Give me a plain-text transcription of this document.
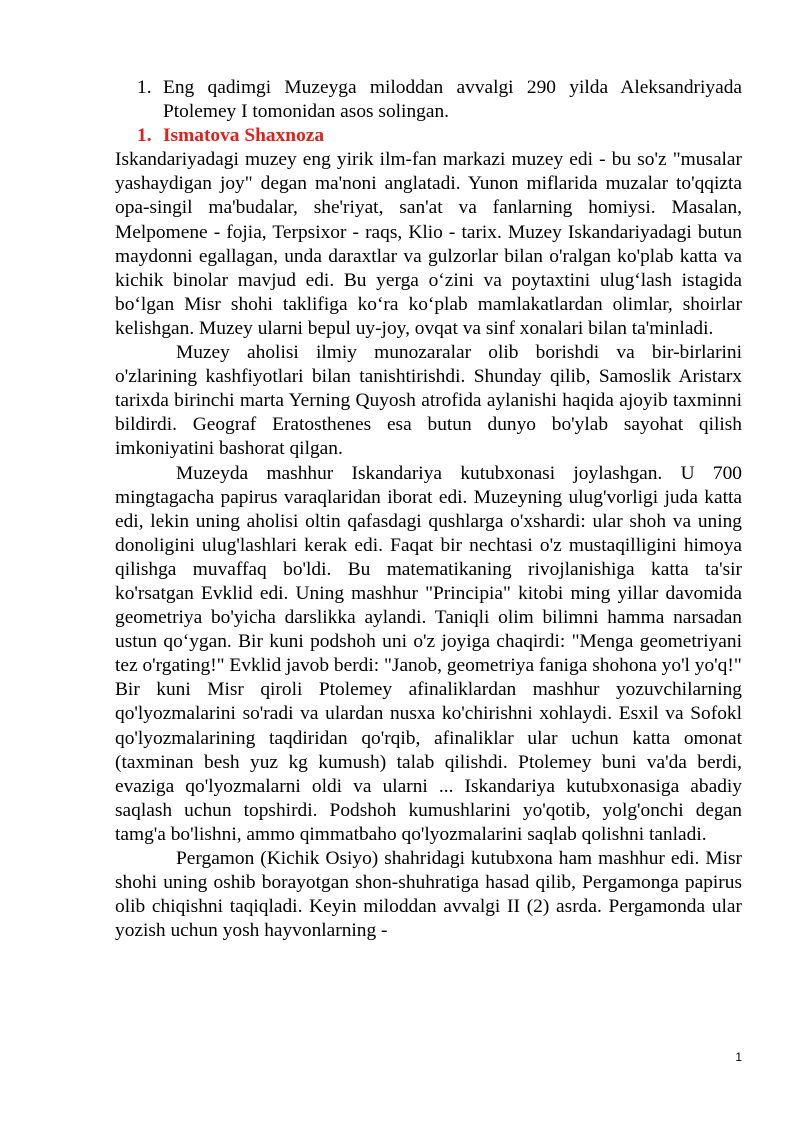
1. Eng qadimgi Muzeyga miloddan avvalgi 290 yilda Aleksandriyada Ptolemey I tomonidan asos solingan.
1. Ismatova Shaxnoza

Iskandariyadagi muzey eng yirik ilm-fan markazi muzey edi - bu so'z "musalar yashaydigan joy" degan ma'noni anglatadi. Yunon miflarida muzalar to'qqizta opa-singil ma'budalar, she'riyat, san'at va fanlarning homiysi. Masalan, Melpomene - fojia, Terpsixor - raqs, Klio - tarix. Muzey Iskandariyadagi butun maydonni egallagan, unda daraxtlar va gulzorlar bilan o'ralgan ko'plab katta va kichik binolar mavjud edi. Bu yerga o‘zini va poytaxtini ulug‘lash istagida bo‘lgan Misr shohi taklifiga ko‘ra ko‘plab mamlakatlardan olimlar, shoirlar kelishgan. Muzey ularni bepul uy-joy, ovqat va sinf xonalari bilan ta'minladi.

Muzey aholisi ilmiy munozaralar olib borishdi va bir-birlarini o'zlarining kashfiyotlari bilan tanishtirishdi. Shunday qilib, Samoslik Aristarx tarixda birinchi marta Yerning Quyosh atrofida aylanishi haqida ajoyib taxminni bildirdi. Geograf Eratosthenes esa butun dunyo bo'ylab sayohat qilish imkoniyatini bashorat qilgan.

Muzeyda mashhur Iskandariya kutubxonasi joylashgan. U 700 mingtagacha papirus varaqlaridan iborat edi. Muzeyning ulug'vorligi juda katta edi, lekin uning aholisi oltin qafasdagi qushlarga o'xshardi: ular shoh va uning donoligini ulug'lashlari kerak edi. Faqat bir nechtasi o'z mustaqilligini himoya qilishga muvaffaq bo'ldi. Bu matematikaning rivojlanishiga katta ta'sir ko'rsatgan Evklid edi. Uning mashhur "Principia" kitobi ming yillar davomida geometriya bo'yicha darslikka aylandi. Taniqli olim bilimni hamma narsadan ustun qo‘ygan. Bir kuni podshoh uni o'z joyiga chaqirdi: "Menga geometriyani tez o'rgating!" Evklid javob berdi: "Janob, geometriya faniga shohona yo'l yo'q!"

Bir kuni Misr qiroli Ptolemey afinaliklardan mashhur yozuvchilarning qo'lyozmalarini so'radi va ulardan nusxa ko'chirishni xohlaydi. Esxil va Sofokl qo'lyozmalarining taqdiridan qo'rqib, afinaliklar ular uchun katta omonat (taxminan besh yuz kg kumush) talab qilishdi. Ptolemey buni va'da berdi, evaziga qo'lyozmalarni oldi va ularni ... Iskandariya kutubxonasiga abadiy saqlash uchun topshirdi. Podshoh kumushlarini yo'qotib, yolg'onchi degan tamg'a bo'lishni, ammo qimmatbaho qo'lyozmalarini saqlab qolishni tanladi.

Pergamon (Kichik Osiyo) shahridagi kutubxona ham mashhur edi. Misr shohi uning oshib borayotgan shon-shuhratiga hasad qilib, Pergamonga papirus olib chiqishni taqiqladi. Keyin miloddan avvalgi II (2) asrda. Pergamonda ular yozish uchun yosh hayvonlarning -

1
